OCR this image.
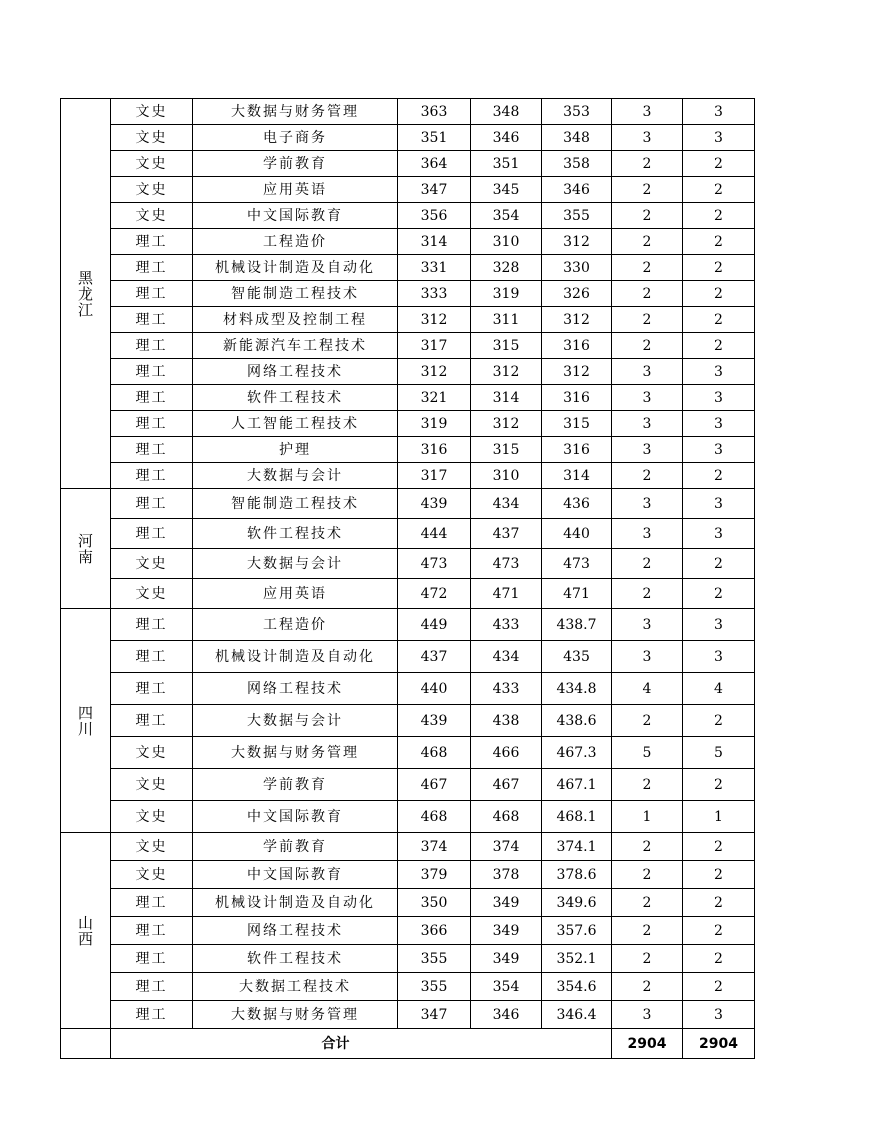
黑龙江	文史	大数据与财务管理	363	348	353	3	3
	文史	电子商务	351	346	348	3	3
	文史	学前教育	364	351	358	2	2
	文史	应用英语	347	345	346	2	2
	文史	中文国际教育	356	354	355	2	2
	理工	工程造价	314	310	312	2	2
	理工	机械设计制造及自动化	331	328	330	2	2
	理工	智能制造工程技术	333	319	326	2	2
	理工	材料成型及控制工程	312	311	312	2	2
	理工	新能源汽车工程技术	317	315	316	2	2
	理工	网络工程技术	312	312	312	3	3
	理工	软件工程技术	321	314	316	3	3
	理工	人工智能工程技术	319	312	315	3	3
	理工	护理	316	315	316	3	3
	理工	大数据与会计	317	310	314	2	2

河南	理工	智能制造工程技术	439	434	436	3	3
	理工	软件工程技术	444	437	440	3	3
	文史	大数据与会计	473	473	473	2	2
	文史	应用英语	472	471	471	2	2

四川	理工	工程造价	449	433	438.7	3	3
	理工	机械设计制造及自动化	437	434	435	3	3
	理工	网络工程技术	440	433	434.8	4	4
	理工	大数据与会计	439	438	438.6	2	2
	文史	大数据与财务管理	468	466	467.3	5	5
	文史	学前教育	467	467	467.1	2	2
	文史	中文国际教育	468	468	468.1	1	1

山西	文史	学前教育	374	374	374.1	2	2
	文史	中文国际教育	379	378	378.6	2	2
	理工	机械设计制造及自动化	350	349	349.6	2	2
	理工	网络工程技术	366	349	357.6	2	2
	理工	软件工程技术	355	349	352.1	2	2
	理工	大数据工程技术	355	354	354.6	2	2
	理工	大数据与财务管理	347	346	346.4	3	3
		合计				2904	2904
